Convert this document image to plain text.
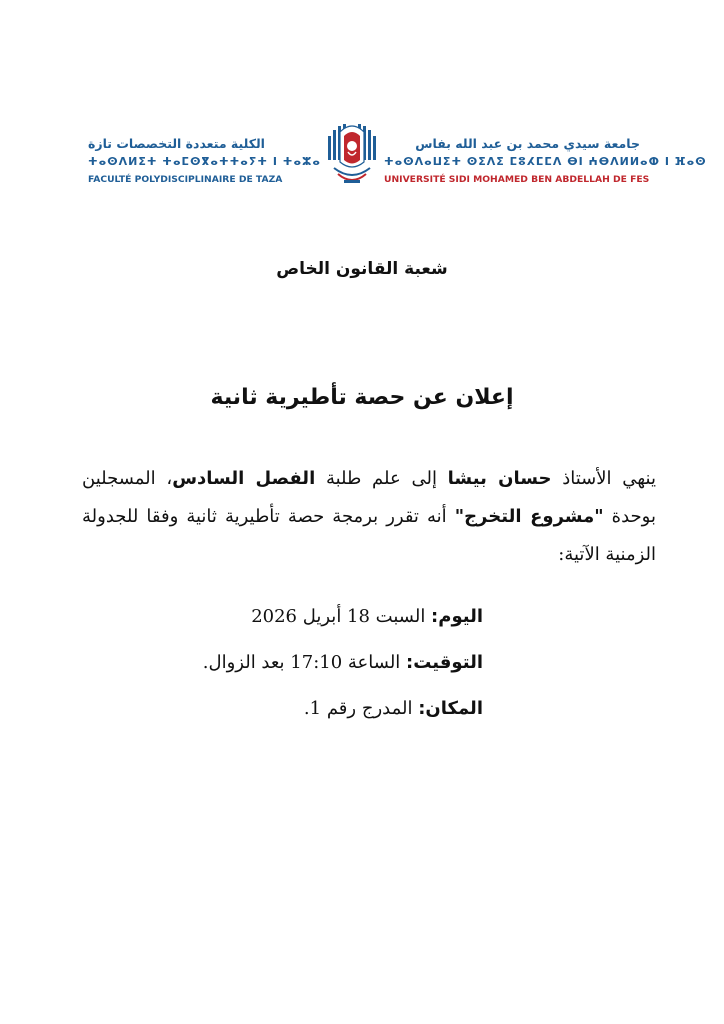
الكلية متعددة التخصصات تازة
ⵜⴰⵙⴷⵍⵉⵜ ⵜⴰⵎⵙⴳⴰⵜⵜⴰⵢⵜ ⵏ ⵜⴰⵣⴰ
FACULTÉ POLYDISCIPLINAIRE DE TAZA
جامعة سيدي محمد بن عبد الله بفاس
ⵜⴰⵙⴷⴰⵡⵉⵜ ⵙⵉⴷⵉ ⵎⵓⵃⵎⵎⴷ ⴱⵏ ⵄⴱⴷⵍⵍⴰⵀ ⵏ ⴼⴰⵙ
UNIVERSITÉ SIDI MOHAMED BEN ABDELLAH DE FES
شعبة القانون الخاص
إعلان عن حصة تأطيرية ثانية
ينهي الأستاذ حسان بيشا إلى علم طلبة الفصل السادس، المسجلين بوحدة "مشروع التخرج" أنه تقرر برمجة حصة تأطيرية ثانية وفقا للجدولة الزمنية الآتية:
اليوم: السبت 18 أبريل 2026
التوقيت: الساعة 17:10 بعد الزوال.
المكان: المدرج رقم 1.
